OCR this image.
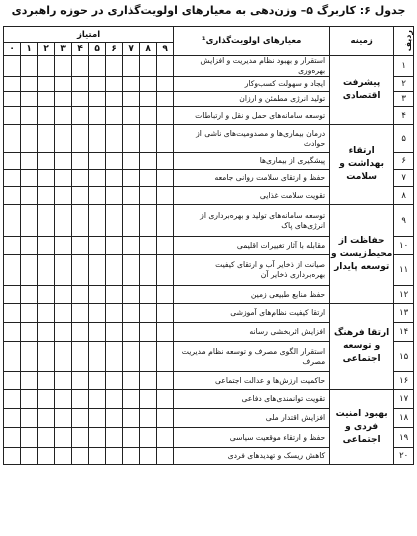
جدول ۶: کاربرگ ۵– وزن‌دهی به معیارهای اولویت‌گذاری در حوزه راهبردی
ردیف	زمینه	معیارهای اولویت‌گذاری¹	امتیاز									
			۹	۸	۷	۶	۵	۴	۳	۲	۱	۰
۱	پیشرفت اقتصادی	استقرار و بهبود نظام مدیریت و افزایش بهره‌وری										
۲		ایجاد و سهولت کسب‌وکار										
۳		تولید انرژی مطمئن و ارزان										
۴		توسعه سامانه‌های حمل و نقل و ارتباطات										
۵	ارتقاء بهداشت و سلامت	درمان بیماری‌ها و مصدومیت‌های ناشی از حوادث										
۶		پیشگیری از بیماری‌ها										
۷		حفظ و ارتقای سلامت روانی جامعه										
۸		تقویت سلامت غذایی										
۹	حفاظت از محیط‌زیست و توسعه پایدار	توسعه سامانه‌های تولید و بهره‌برداری از انرژی‌های پاک										
۱۰		مقابله با آثار تغییرات اقلیمی										
۱۱		صیانت از ذخایر آب و ارتقای کیفیت بهره‌برداری ذخایر آن										
۱۲		حفظ منابع طبیعی زمین										
۱۳	ارتقا فرهنگ و توسعه اجتماعی	ارتقا کیفیت نظام‌های آموزشی										
۱۴		افزایش اثربخشی رسانه										
۱۵		استقرار الگوی مصرف و توسعه نظام مدیریت مصرف										
۱۶		حاکمیت ارزش‌ها و عدالت اجتماعی										
۱۷	بهبود امنیت فردی و اجتماعی	تقویت توانمندی‌های دفاعی										
۱۸		افزایش اقتدار ملی										
۱۹		حفظ و ارتقاء موقعیت سیاسی										
۲۰		کاهش ریسک و تهدیدهای فردی										
